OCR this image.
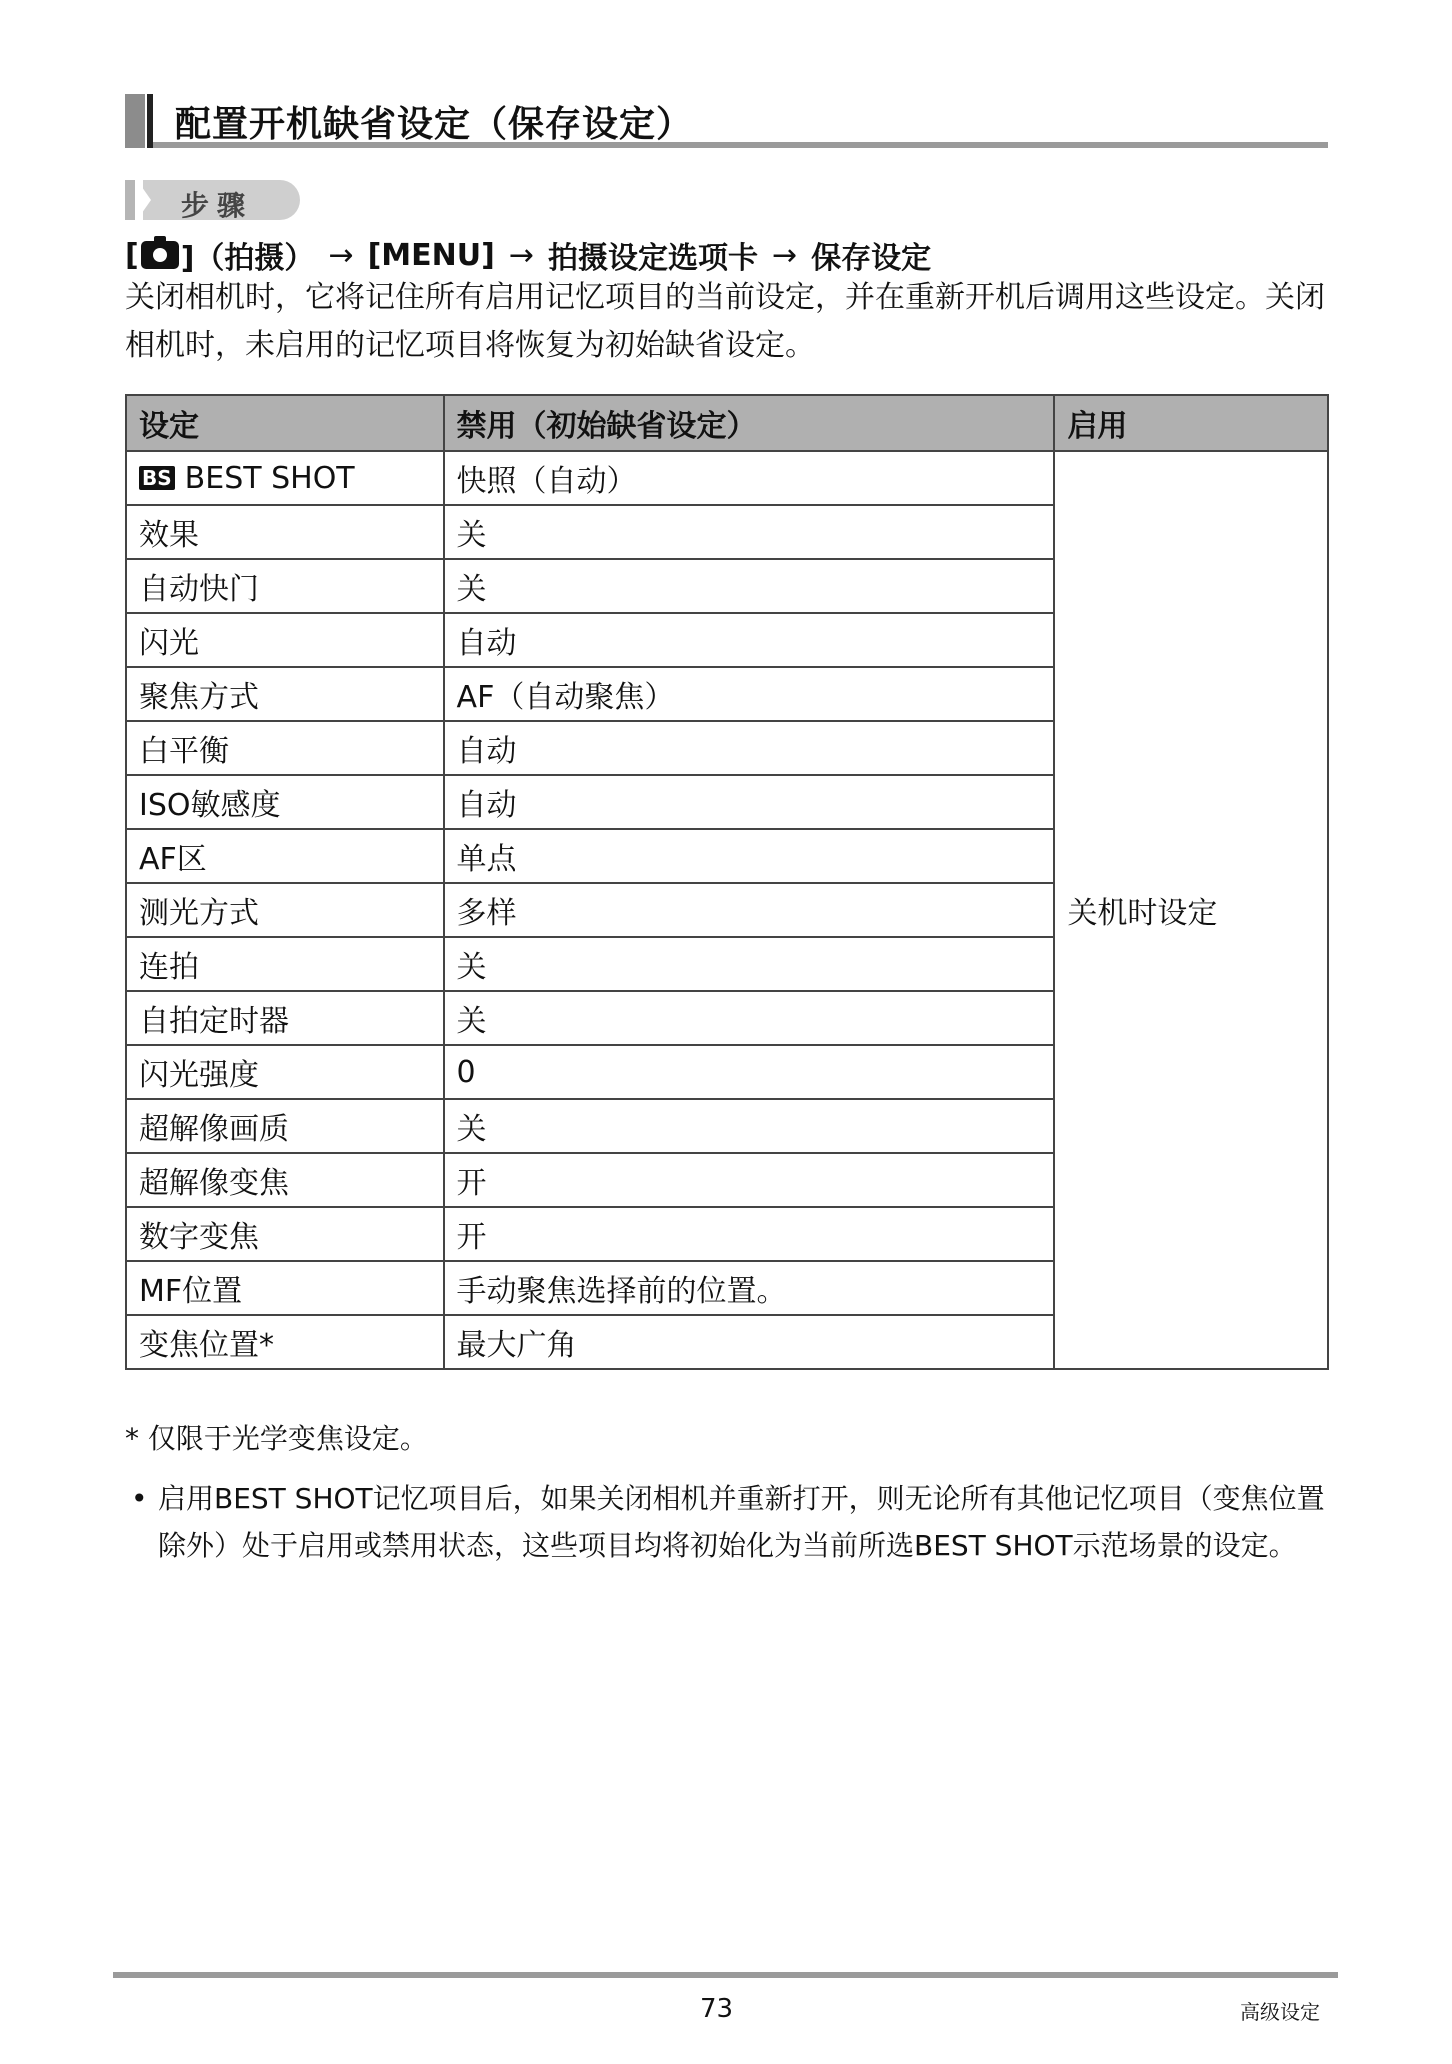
配置开机缺省设定（保存设定）
步骤
[ ]（拍摄） → [MENU] → 拍摄设定选项卡 → 保存设定
关闭相机时，它将记住所有启用记忆项目的当前设定，并在重新开机后调用这些设定。关闭相机时，未启用的记忆项目将恢复为初始缺省设定。
设定	禁用（初始缺省设定）	启用
BS BEST SHOT	快照（自动）	关机时设定
效果	关	
自动快门	关	
闪光	自动	
聚焦方式	AF（自动聚焦）	
白平衡	自动	
ISO敏感度	自动	
AF区	单点	
测光方式	多样	
连拍	关	
自拍定时器	关	
闪光强度	0	
超解像画质	关	
超解像变焦	开	
数字变焦	开	
MF位置	手动聚焦选择前的位置。	
变焦位置*	最大广角	
* 仅限于光学变焦设定。
• 启用BEST SHOT记忆项目后，如果关闭相机并重新打开，则无论所有其他记忆项目（变焦位置除外）处于启用或禁用状态，这些项目均将初始化为当前所选BEST SHOT示范场景的设定。
73	高级设定
